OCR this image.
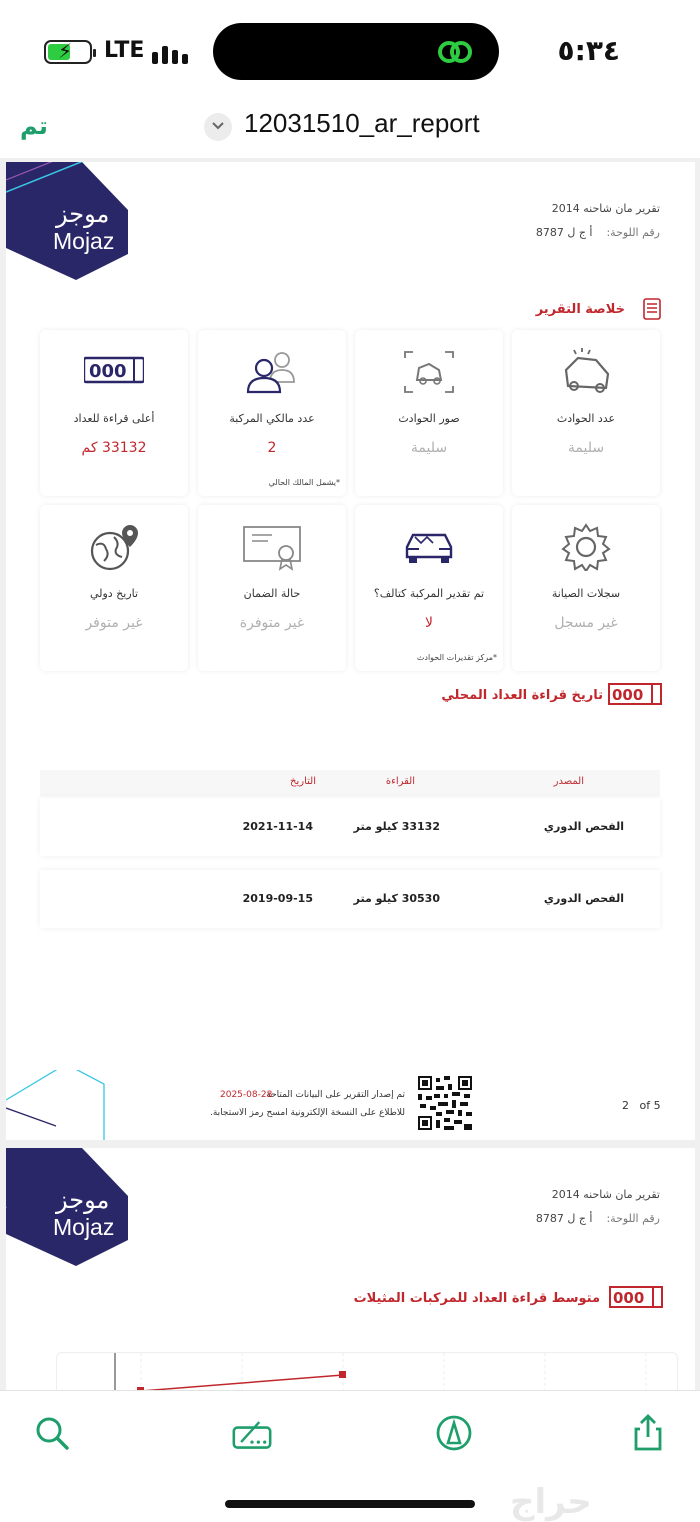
⚡ LTE	٥:٣٤
تم	12031510_ar_report
موجز
Mojaz
تقرير مان شاحنه 2014
رقم اللوحة:أ ج ل 8787
خلاصة التقرير
عدد الحوادث
سليمة
صور الحوادث
سليمة
عدد مالكي المركبة
2
*يشمل المالك الحالي
000
أعلى قراءة للعداد
33132 كم
سجلات الصيانة
غير مسجل
تم تقدير المركبة كتالف؟
لا
*مركز تقديرات الحوادث
حالة الضمان
غير متوفرة
تاريخ دولي
غير متوفر
000
تاريخ قراءة العداد المحلي
المصدر
القراءة
التاريخ
الفحص الدوري
33132 كيلو متر
2021-11-14
الفحص الدوري
30530 كيلو متر
2019-09-15
تم إصدار التقرير على البيانات المتاحة
2025-08-28
للاطلاع على النسخة الإلكترونية امسح رمز الاستجابة.
2 of 5
موجز
Mojaz
تقرير مان شاحنه 2014
رقم اللوحة:أ ج ل 8787
000
متوسط قراءة العداد للمركبات المثيلات
حراج
